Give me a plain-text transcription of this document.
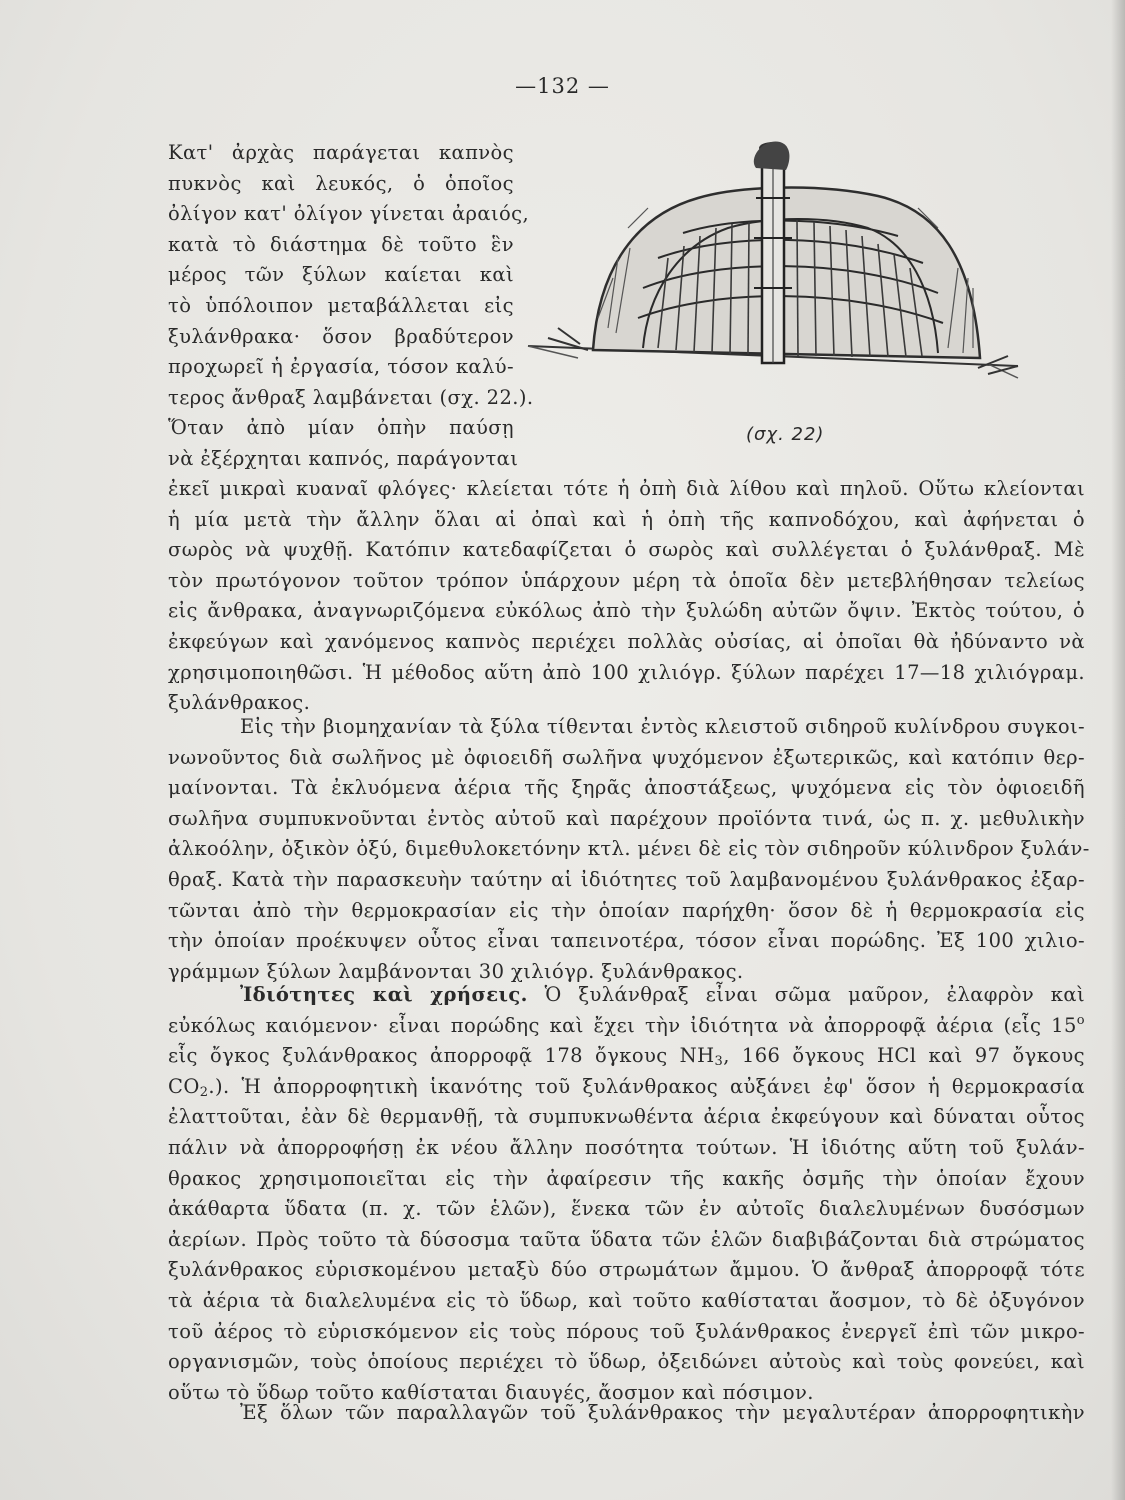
—132 —
(σχ. 22)
Κατ' ἀρχὰς παράγεται καπνὸς
πυκνὸς καὶ λευκός, ὁ ὁποῖος
ὀλίγον κατ' ὀλίγον γίνεται ἀραιός,
κατὰ τὸ διάστημα δὲ τοῦτο ἓν
μέρος τῶν ξύλων καίεται καὶ
τὸ ὑπόλοιπον μεταβάλλεται εἰς
ξυλάνθρακα· ὅσον βραδύτερον
προχωρεῖ ἡ ἐργασία, τόσον καλύ-
τερος ἄνθραξ λαμβάνεται (σχ. 22.).
Ὅταν ἀπὸ μίαν ὀπὴν παύσῃ
νὰ ἐξέρχηται καπνός, παράγονται
ἐκεῖ μικραὶ κυαναῖ φλόγες· κλείεται τότε ἡ ὀπὴ διὰ λίθου καὶ πηλοῦ. Οὕτω κλείονται
ἡ μία μετὰ τὴν ἄλλην ὅλαι αἱ ὀπαὶ καὶ ἡ ὀπὴ τῆς καπνοδόχου, καὶ ἀφήνεται ὁ
σωρὸς νὰ ψυχθῇ. Κατόπιν κατεδαφίζεται ὁ σωρὸς καὶ συλλέγεται ὁ ξυλάνθραξ. Μὲ
τὸν πρωτόγονον τοῦτον τρόπον ὑπάρχουν μέρη τὰ ὁποῖα δὲν μετεβλήθησαν τελείως
εἰς ἄνθρακα, ἀναγνωριζόμενα εὐκόλως ἀπὸ τὴν ξυλώδη αὐτῶν ὄψιν. Ἐκτὸς τούτου, ὁ
ἐκφεύγων καὶ χανόμενος καπνὸς περιέχει πολλὰς οὐσίας, αἱ ὁποῖαι θὰ ἠδύναντο νὰ
χρησιμοποιηθῶσι. Ἡ μέθοδος αὕτη ἀπὸ 100 χιλιόγρ. ξύλων παρέχει 17—18 χιλιόγραμ.
ξυλάνθρακος.
Εἰς τὴν βιομηχανίαν τὰ ξύλα τίθενται ἐντὸς κλειστοῦ σιδηροῦ κυλίνδρου συγκοι-
νωνοῦντος διὰ σωλῆνος μὲ ὀφιοειδῆ σωλῆνα ψυχόμενον ἐξωτερικῶς, καὶ κατόπιν θερ-
μαίνονται. Τὰ ἐκλυόμενα ἀέρια τῆς ξηρᾶς ἀποστάξεως, ψυχόμενα εἰς τὸν ὀφιοειδῆ
σωλῆνα συμπυκνοῦνται ἐντὸς αὐτοῦ καὶ παρέχουν προϊόντα τινά, ὡς π. χ. μεθυλικὴν
ἀλκοόλην, ὀξικὸν ὀξύ, διμεθυλοκετόνην κτλ. μένει δὲ εἰς τὸν σιδηροῦν κύλινδρον ξυλάν-
θραξ. Κατὰ τὴν παρασκευὴν ταύτην αἱ ἰδιότητες τοῦ λαμβανομένου ξυλάνθρακος ἐξαρ-
τῶνται ἀπὸ τὴν θερμοκρασίαν εἰς τὴν ὁποίαν παρήχθη· ὅσον δὲ ἡ θερμοκρασία εἰς
τὴν ὁποίαν προέκυψεν οὗτος εἶναι ταπεινοτέρα, τόσον εἶναι πορώδης. Ἐξ 100 χιλιο-
γράμμων ξύλων λαμβάνονται 30 χιλιόγρ. ξυλάνθρακος.
Ἰδιότητες καὶ χρήσεις. Ὁ ξυλάνθραξ εἶναι σῶμα μαῦρον, ἐλαφρὸν καὶ
εὐκόλως καιόμενον· εἶναι πορώδης καὶ ἔχει τὴν ἰδιότητα νὰ ἀπορροφᾷ ἀέρια (εἷς $15^o$
εἷς ὄγκος ξυλάνθρακος ἀπορροφᾷ 178 ὄγκους $NH_3$, 166 ὄγκους HCl καὶ 97 ὄγκους
$CO_2$.). Ἡ ἀπορροφητικὴ ἱκανότης τοῦ ξυλάνθρακος αὐξάνει ἐφ' ὅσον ἡ θερμοκρασία
ἐλαττοῦται, ἐὰν δὲ θερμανθῇ, τὰ συμπυκνωθέντα ἀέρια ἐκφεύγουν καὶ δύναται οὗτος
πάλιν νὰ ἀπορροφήσῃ ἐκ νέου ἄλλην ποσότητα τούτων. Ἡ ἰδιότης αὕτη τοῦ ξυλάν-
θρακος χρησιμοποιεῖται εἰς τὴν ἀφαίρεσιν τῆς κακῆς ὀσμῆς τὴν ὁποίαν ἔχουν
ἀκάθαρτα ὕδατα (π. χ. τῶν ἑλῶν), ἕνεκα τῶν ἐν αὐτοῖς διαλελυμένων δυσόσμων
ἀερίων. Πρὸς τοῦτο τὰ δύσοσμα ταῦτα ὕδατα τῶν ἑλῶν διαβιβάζονται διὰ στρώματος
ξυλάνθρακος εὑρισκομένου μεταξὺ δύο στρωμάτων ἄμμου. Ὁ ἄνθραξ ἀπορροφᾷ τότε
τὰ ἀέρια τὰ διαλελυμένα εἰς τὸ ὕδωρ, καὶ τοῦτο καθίσταται ἄοσμον, τὸ δὲ ὀξυγόνον
τοῦ ἀέρος τὸ εὑρισκόμενον εἰς τοὺς πόρους τοῦ ξυλάνθρακος ἐνεργεῖ ἐπὶ τῶν μικρο-
οργανισμῶν, τοὺς ὁποίους περιέχει τὸ ὕδωρ, ὀξειδώνει αὐτοὺς καὶ τοὺς φονεύει, καὶ
οὕτω τὸ ὕδωρ τοῦτο καθίσταται διαυγές, ἄοσμον καὶ πόσιμον.
Ἐξ ὅλων τῶν παραλλαγῶν τοῦ ξυλάνθρακος τὴν μεγαλυτέραν ἀπορροφητικὴν
